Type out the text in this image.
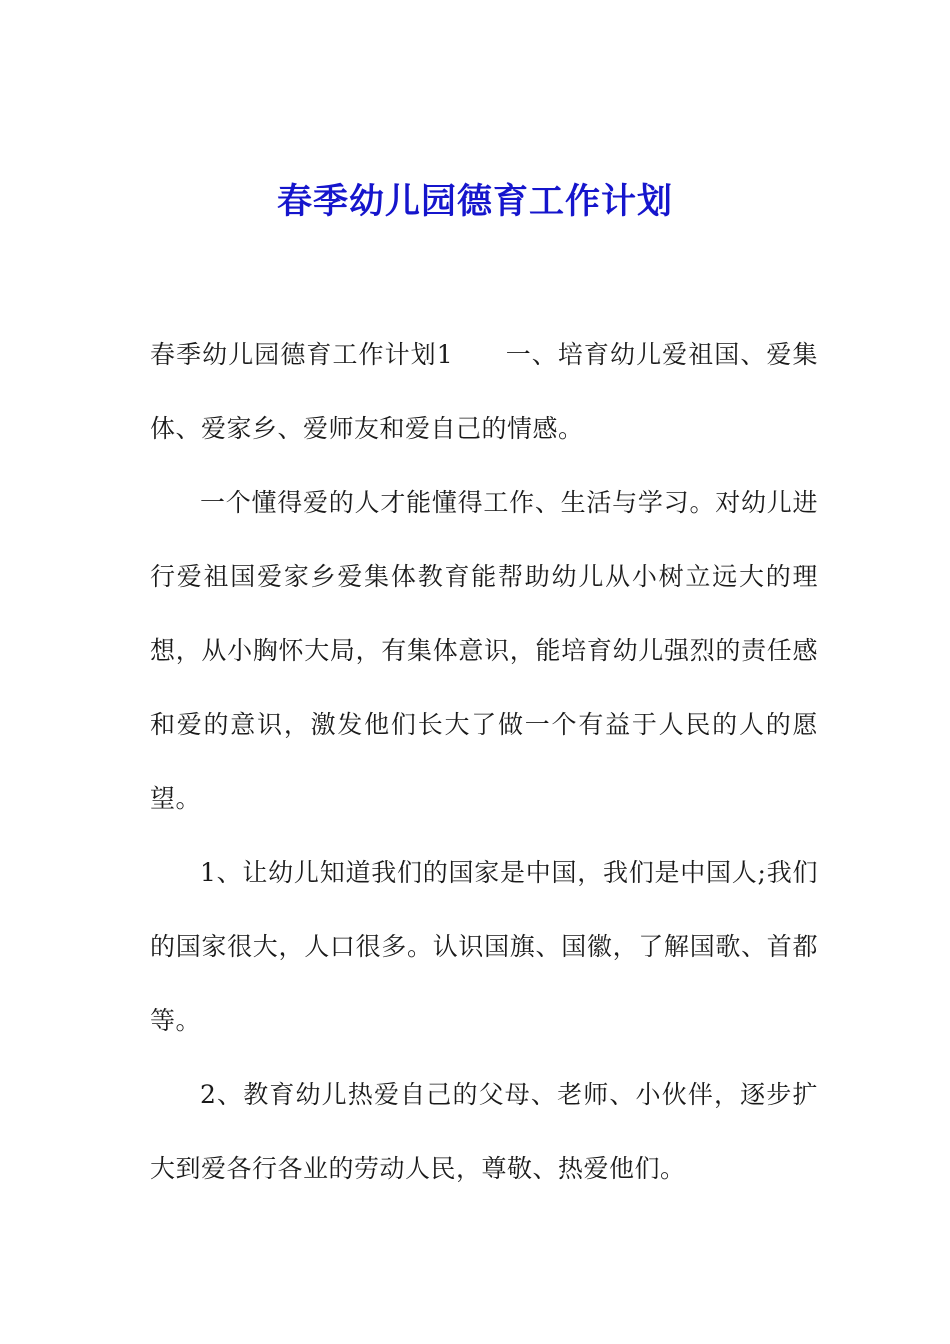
春季幼儿园德育工作计划

春季幼儿园德育工作计划1 一、培育幼儿爱祖国、爱集体、爱家乡、爱师友和爱自己的情感。

一个懂得爱的人才能懂得工作、生活与学习。对幼儿进行爱祖国爱家乡爱集体教育能帮助幼儿从小树立远大的理想，从小胸怀大局，有集体意识，能培育幼儿强烈的责任感和爱的意识，激发他们长大了做一个有益于人民的人的愿望。

1、让幼儿知道我们的国家是中国，我们是中国人;我们的国家很大，人口很多。认识国旗、国徽，了解国歌、首都等。

2、教育幼儿热爱自己的父母、老师、小伙伴，逐步扩大到爱各行各业的劳动人民，尊敬、热爱他们。
